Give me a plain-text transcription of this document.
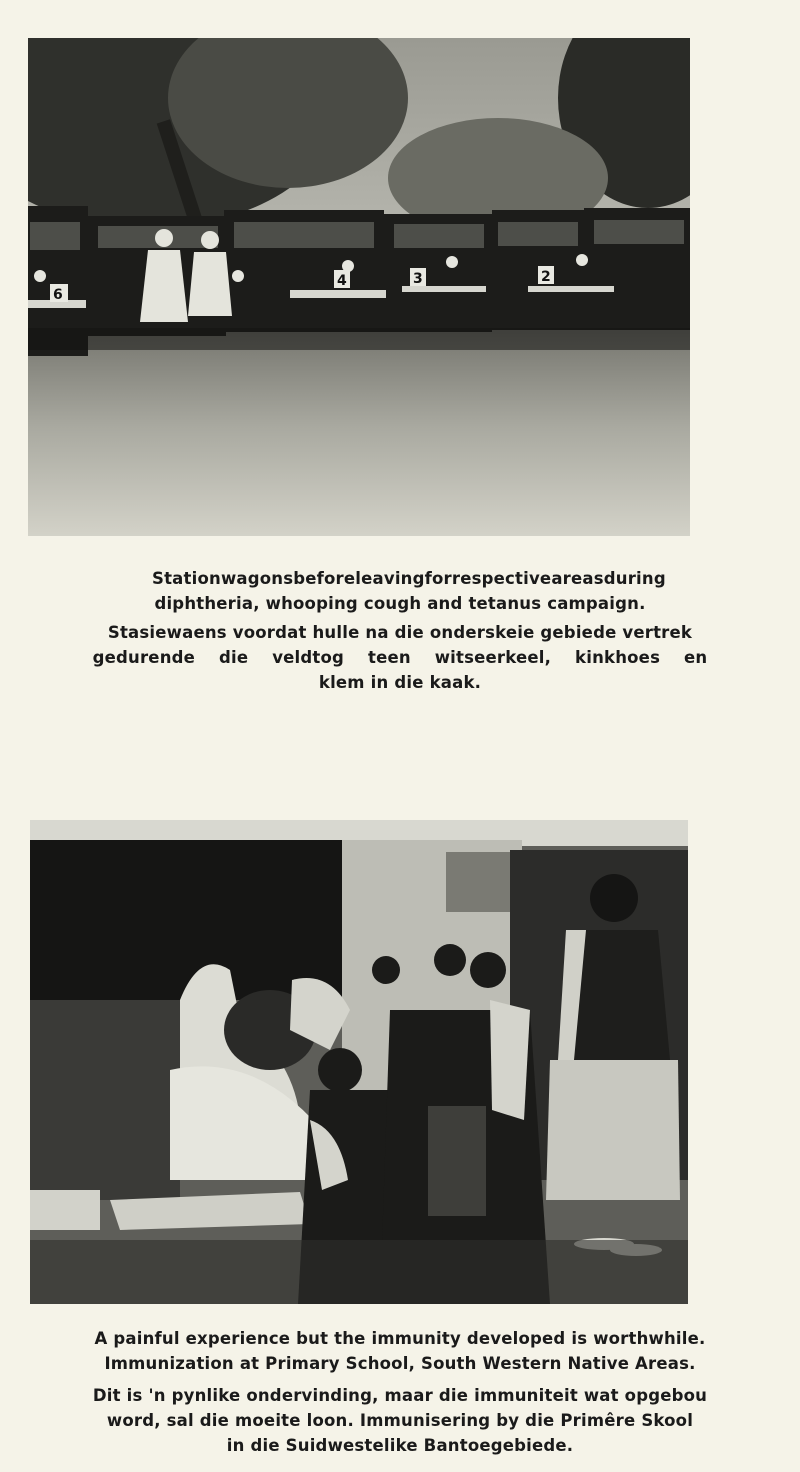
6
4	3	2
Station wagons before leaving for respective areas during
diphtheria, whooping cough and tetanus campaign.
Stasiewaens voordat hulle na die onderskeie gebiede vertrek
gedurende die veldtog teen witseerkeel, kinkhoes en
klem in die kaak.
A painful experience but the immunity developed is worthwhile.
Immunization at Primary School, South Western Native Areas.
Dit is 'n pynlike ondervinding, maar die immuniteit wat opgebou
word, sal die moeite loon. Immunisering by die Primêre Skool
in die Suidwestelike Bantoegebiede.
